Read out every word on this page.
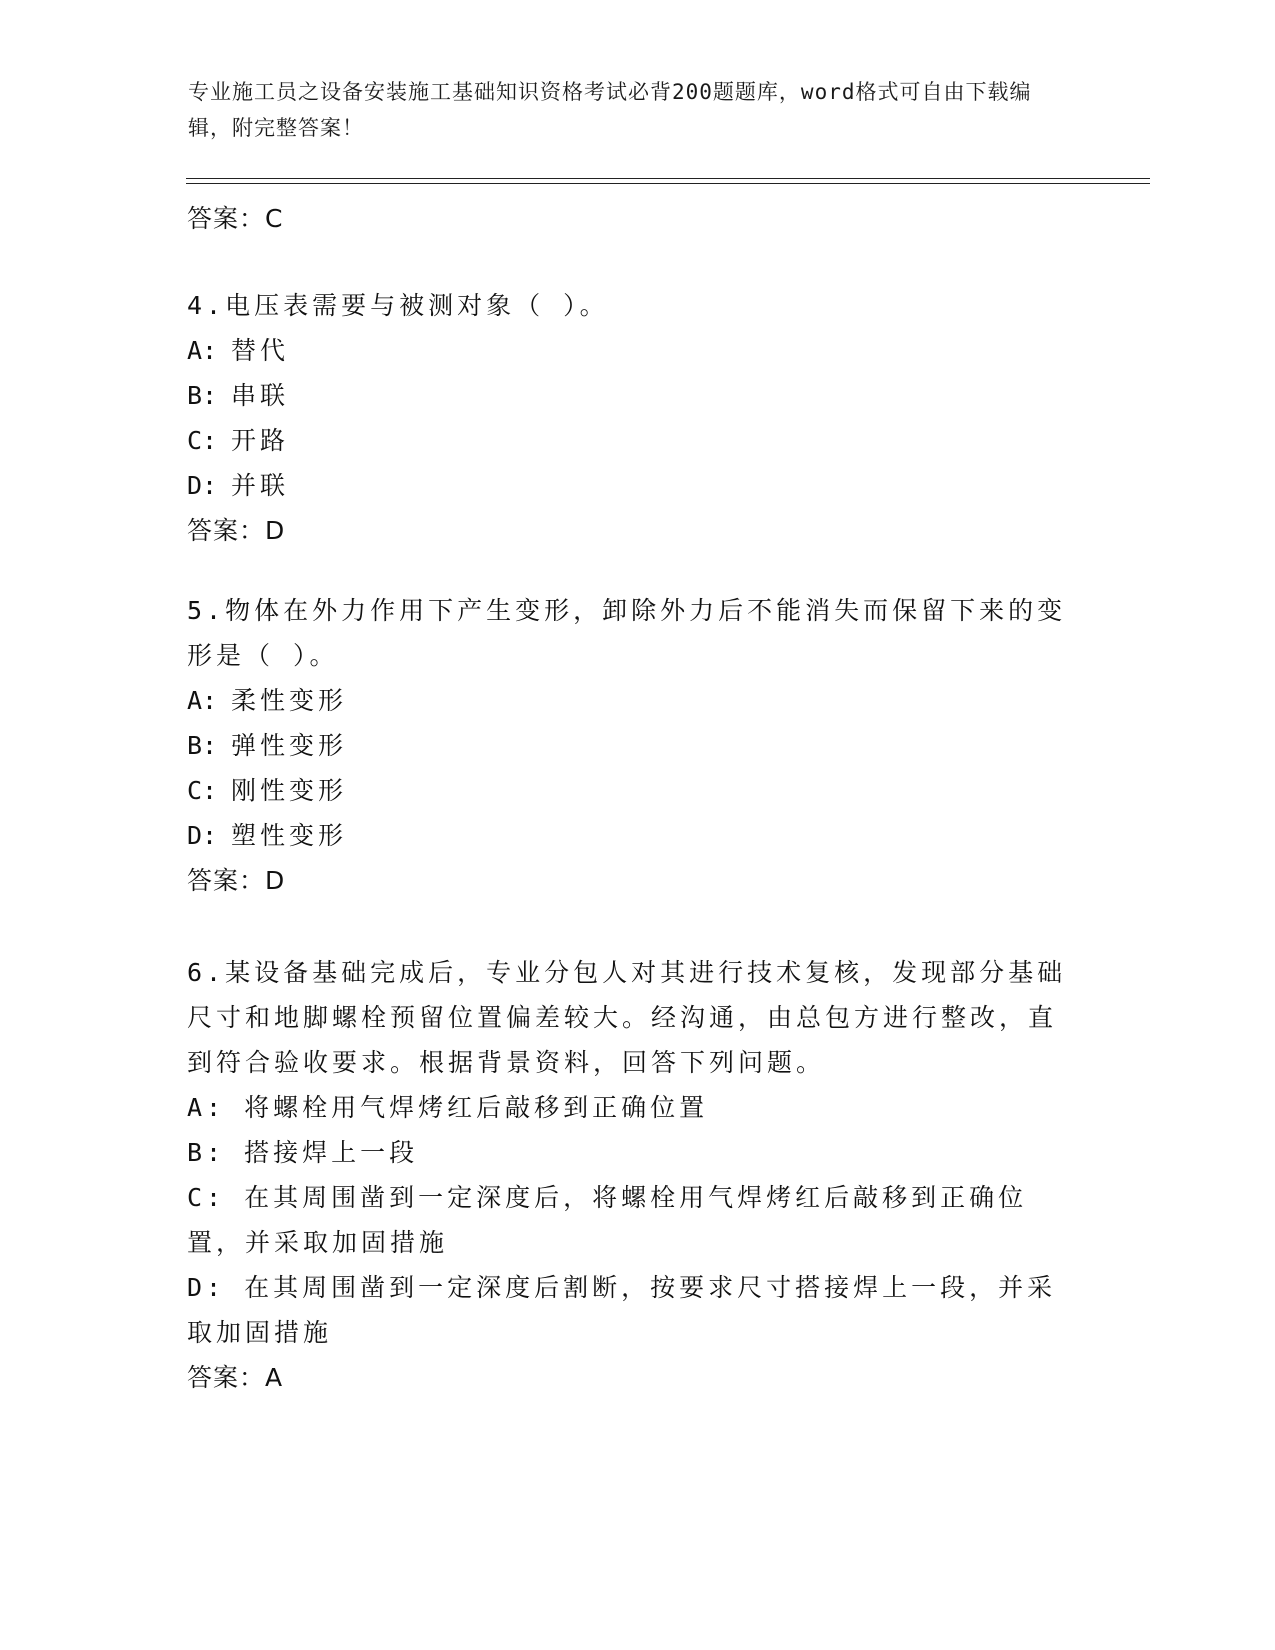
专业施工员之设备安装施工基础知识资格考试必背200题题库，word格式可自由下载编辑，附完整答案！
答案：C
4.电压表需要与被测对象（ ）。
A: 替代
B: 串联
C: 开路
D: 并联
答案：D
5.物体在外力作用下产生变形，卸除外力后不能消失而保留下来的变形是（ ）。
A: 柔性变形
B: 弹性变形
C: 刚性变形
D: 塑性变形
答案：D
6.某设备基础完成后，专业分包人对其进行技术复核，发现部分基础尺寸和地脚螺栓预留位置偏差较大。经沟通，由总包方进行整改，直到符合验收要求。根据背景资料，回答下列问题。
A: 将螺栓用气焊烤红后敲移到正确位置
B: 搭接焊上一段
C: 在其周围凿到一定深度后，将螺栓用气焊烤红后敲移到正确位置，并采取加固措施
D: 在其周围凿到一定深度后割断，按要求尺寸搭接焊上一段，并采取加固措施
答案：A
